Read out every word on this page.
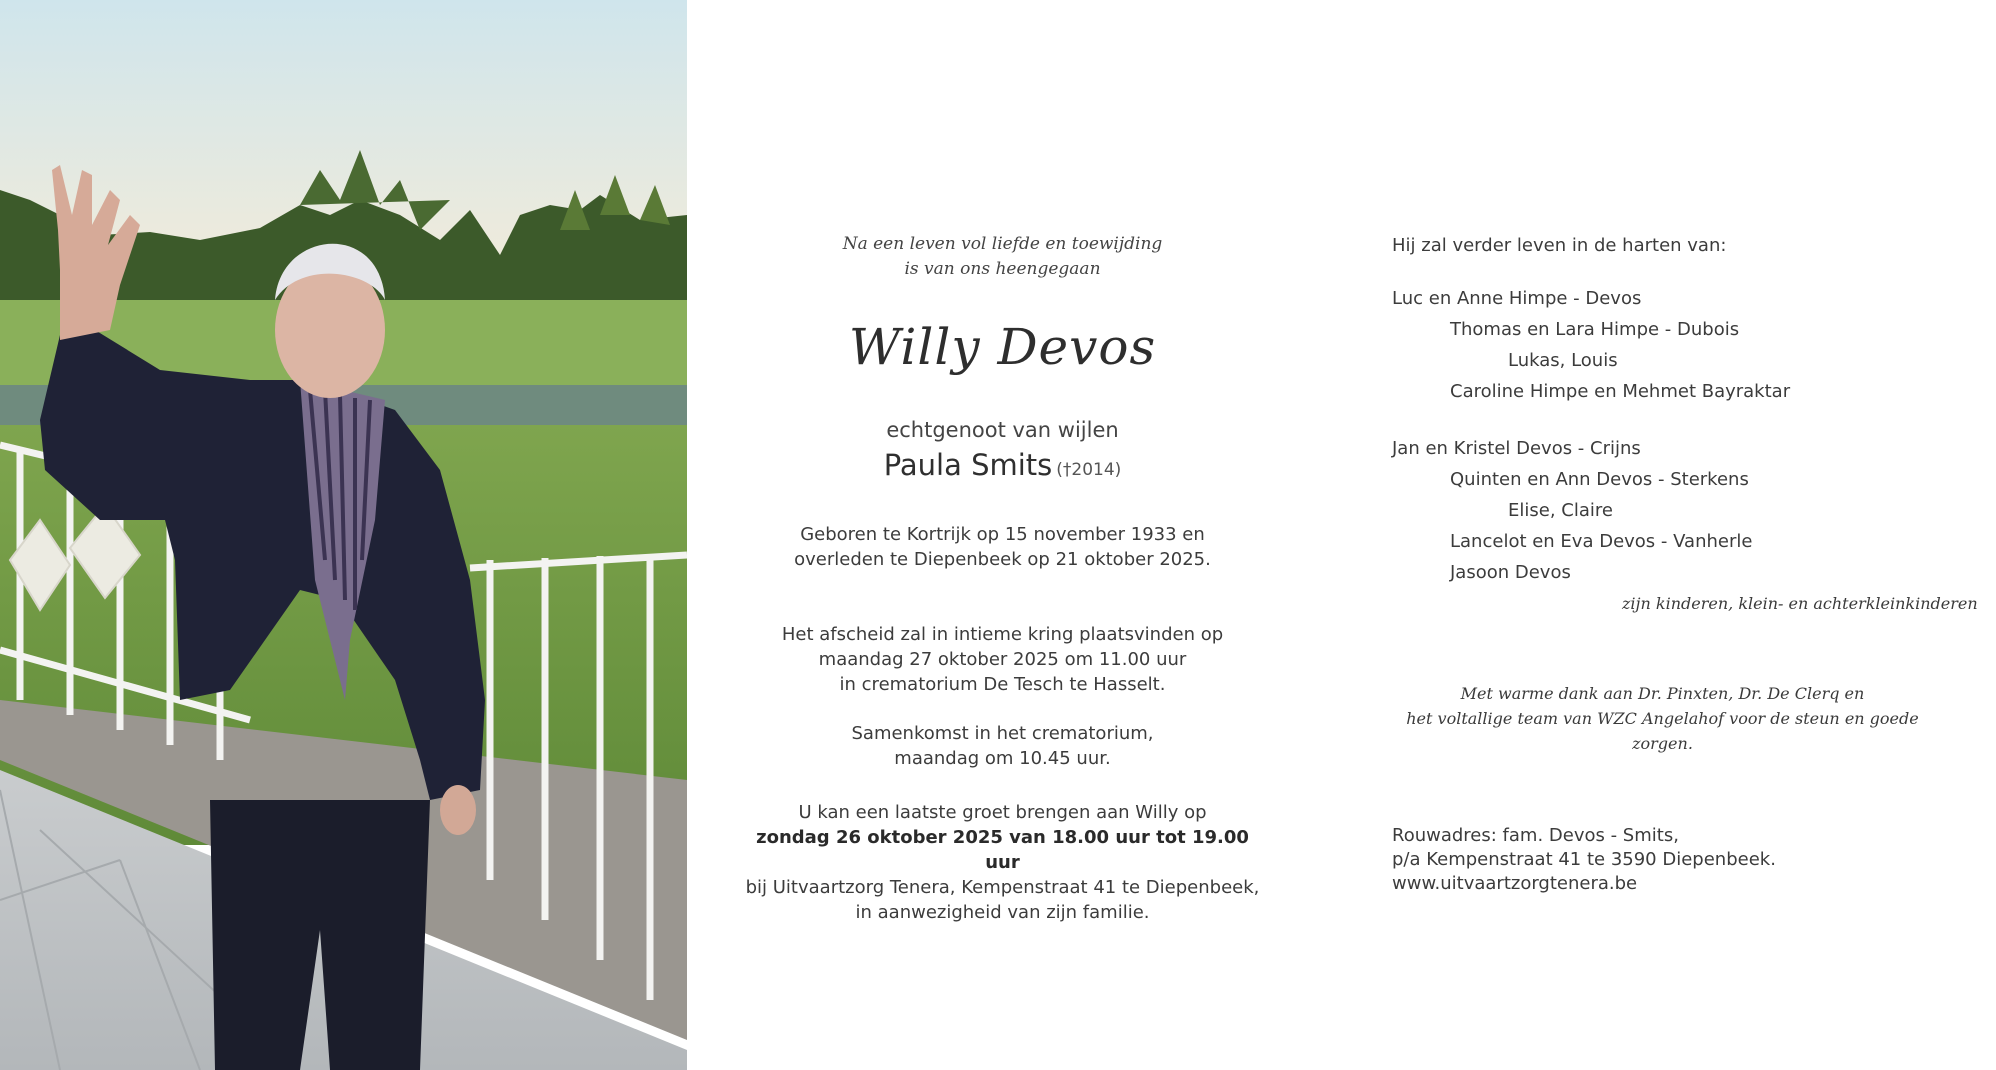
Na een leven vol liefde en toewijding
is van ons heengegaan
Willy Devos
echtgenoot van wijlen
Paula Smits (†2014)
Geboren te Kortrijk op 15 november 1933 en
overleden te Diepenbeek op 21 oktober 2025.
Het afscheid zal in intieme kring plaatsvinden op
maandag 27 oktober 2025 om 11.00 uur
in crematorium De Tesch te Hasselt.
Samenkomst in het crematorium,
maandag om 10.45 uur.
U kan een laatste groet brengen aan Willy op
zondag 26 oktober 2025 van 18.00 uur tot 19.00 uur
bij Uitvaartzorg Tenera, Kempenstraat 41 te Diepenbeek,
in aanwezigheid van zijn familie.

Hij zal verder leven in de harten van:

Luc en Anne Himpe - Devos

Thomas en Lara Himpe - Dubois

Lukas, Louis

Caroline Himpe en Mehmet Bayraktar

Jan en Kristel Devos - Crijns

Quinten en Ann Devos - Sterkens

Elise, Claire

Lancelot en Eva Devos - Vanherle

Jasoon Devos

zijn kinderen, klein- en achterkleinkinderen

Met warme dank aan Dr. Pinxten, Dr. De Clerq en
het voltallige team van WZC Angelahof voor de steun en goede zorgen.
Rouwadres: fam. Devos - Smits,
p/a Kempenstraat 41 te 3590 Diepenbeek.
www.uitvaartzorgtenera.be
